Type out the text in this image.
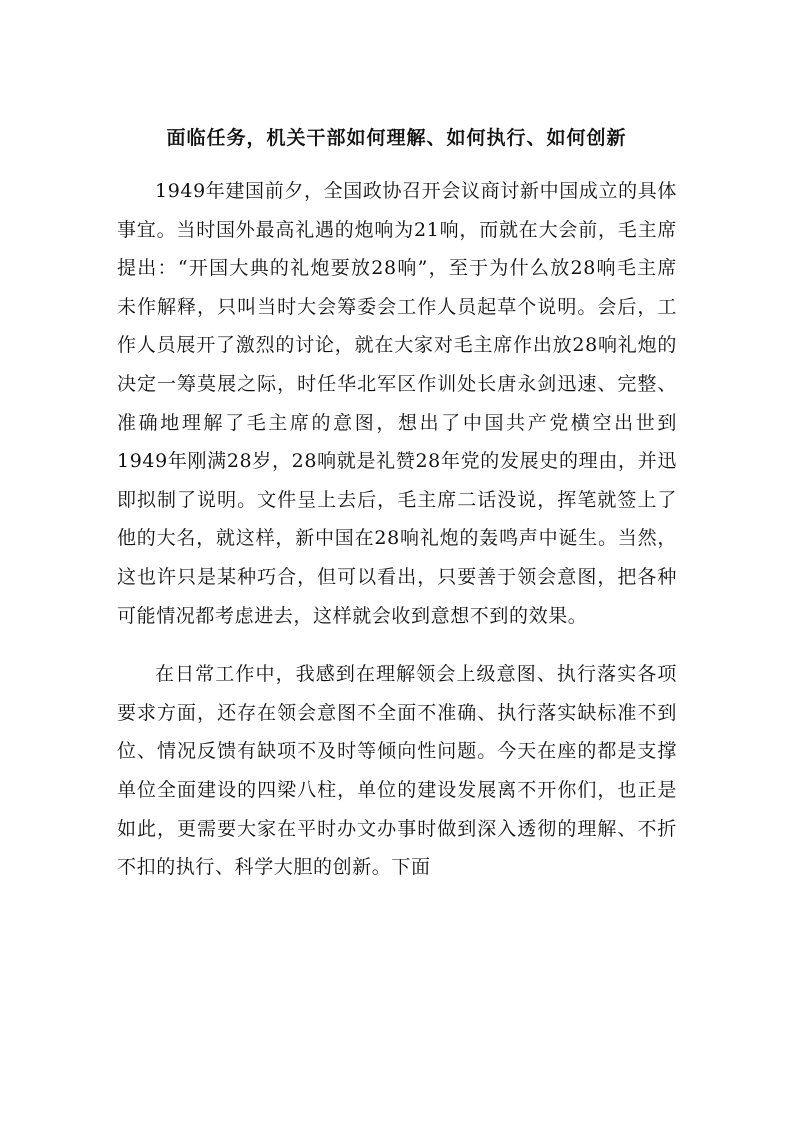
面临任务，机关干部如何理解、如何执行、如何创新

1949年建国前夕，全国政协召开会议商讨新中国成立的具体事宜。当时国外最高礼遇的炮响为21响，而就在大会前，毛主席提出：“开国大典的礼炮要放28响”，至于为什么放28响毛主席未作解释，只叫当时大会筹委会工作人员起草个说明。会后，工作人员展开了激烈的讨论，就在大家对毛主席作出放28响礼炮的决定一筹莫展之际，时任华北军区作训处长唐永剑迅速、完整、准确地理解了毛主席的意图，想出了中国共产党横空出世到1949年刚满28岁，28响就是礼赞28年党的发展史的理由，并迅即拟制了说明。文件呈上去后，毛主席二话没说，挥笔就签上了他的大名，就这样，新中国在28响礼炮的轰鸣声中诞生。当然，这也许只是某种巧合，但可以看出，只要善于领会意图，把各种可能情况都考虑进去，这样就会收到意想不到的效果。

在日常工作中，我感到在理解领会上级意图、执行落实各项要求方面，还存在领会意图不全面不准确、执行落实缺标准不到位、情况反馈有缺项不及时等倾向性问题。今天在座的都是支撑单位全面建设的四梁八柱，单位的建设发展离不开你们，也正是如此，更需要大家在平时办文办事时做到深入透彻的理解、不折不扣的执行、科学大胆的创新。下面
